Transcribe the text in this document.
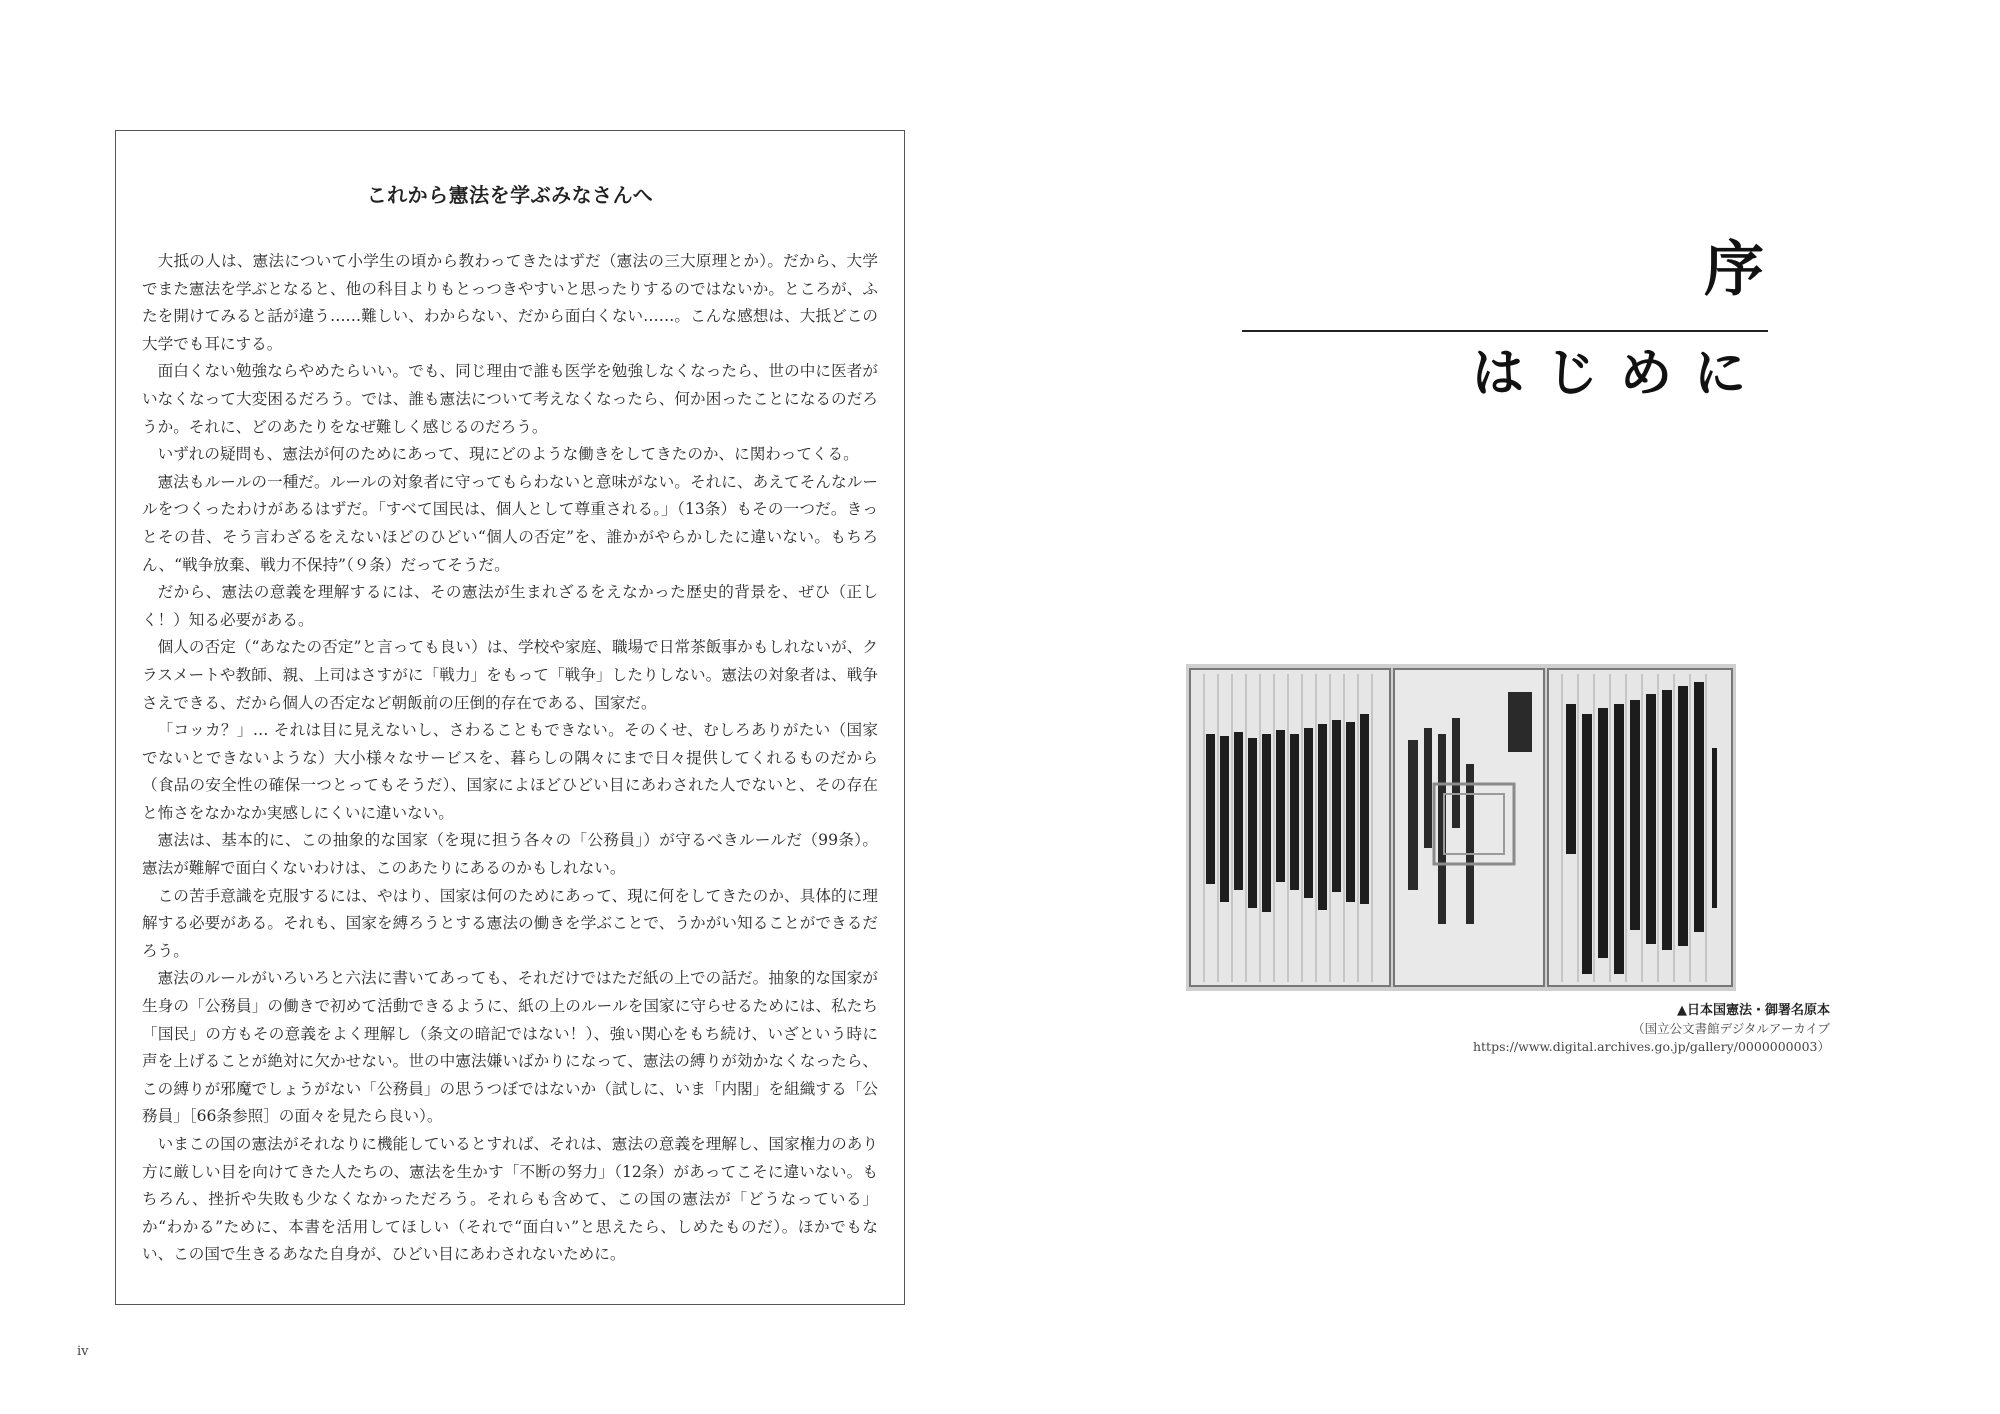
これから憲法を学ぶみなさんへ

大抵の人は、憲法について小学生の頃から教わってきたはずだ（憲法の三大原理とか）。だから、大学でまた憲法を学ぶとなると、他の科目よりもとっつきやすいと思ったりするのではないか。ところが、ふたを開けてみると話が違う……難しい、わからない、だから面白くない……。こんな感想は、大抵どこの大学でも耳にする。

面白くない勉強ならやめたらいい。でも、同じ理由で誰も医学を勉強しなくなったら、世の中に医者がいなくなって大変困るだろう。では、誰も憲法について考えなくなったら、何か困ったことになるのだろうか。それに、どのあたりをなぜ難しく感じるのだろう。

いずれの疑問も、憲法が何のためにあって、現にどのような働きをしてきたのか、に関わってくる。

憲法もルールの一種だ。ルールの対象者に守ってもらわないと意味がない。それに、あえてそんなルールをつくったわけがあるはずだ。「すべて国民は、個人として尊重される。」（13条）もその一つだ。きっとその昔、そう言わざるをえないほどのひどい“個人の否定”を、誰かがやらかしたに違いない。もちろん、“戦争放棄、戦力不保持”（９条）だってそうだ。

だから、憲法の意義を理解するには、その憲法が生まれざるをえなかった歴史的背景を、ぜひ（正しく！）知る必要がある。

個人の否定（“あなたの否定”と言っても良い）は、学校や家庭、職場で日常茶飯事かもしれないが、クラスメートや教師、親、上司はさすがに「戦力」をもって「戦争」したりしない。憲法の対象者は、戦争さえできる、だから個人の否定など朝飯前の圧倒的存在である、国家だ。

「コッカ？」… それは目に見えないし、さわることもできない。そのくせ、むしろありがたい（国家でないとできないような）大小様々なサービスを、暮らしの隅々にまで日々提供してくれるものだから（食品の安全性の確保一つとってもそうだ）、国家によほどひどい目にあわされた人でないと、その存在と怖さをなかなか実感しにくいに違いない。

憲法は、基本的に、この抽象的な国家（を現に担う各々の「公務員」）が守るべきルールだ（99条）。憲法が難解で面白くないわけは、このあたりにあるのかもしれない。

この苦手意識を克服するには、やはり、国家は何のためにあって、現に何をしてきたのか、具体的に理解する必要がある。それも、国家を縛ろうとする憲法の働きを学ぶことで、うかがい知ることができるだろう。

憲法のルールがいろいろと六法に書いてあっても、それだけではただ紙の上での話だ。抽象的な国家が生身の「公務員」の働きで初めて活動できるように、紙の上のルールを国家に守らせるためには、私たち「国民」の方もその意義をよく理解し（条文の暗記ではない！）、強い関心をもち続け、いざという時に声を上げることが絶対に欠かせない。世の中憲法嫌いばかりになって、憲法の縛りが効かなくなったら、この縛りが邪魔でしょうがない「公務員」の思うつぼではないか（試しに、いま「内閣」を組織する「公務員」［66条参照］の面々を見たら良い）。

いまこの国の憲法がそれなりに機能しているとすれば、それは、憲法の意義を理解し、国家権力のあり方に厳しい目を向けてきた人たちの、憲法を生かす「不断の努力」（12条）があってこそに違いない。もちろん、挫折や失敗も少なくなかっただろう。それらも含めて、この国の憲法が「どうなっている」か“わかる”ために、本書を活用してほしい（それで“面白い”と思えたら、しめたものだ）。ほかでもない、この国で生きるあなた自身が、ひどい目にあわされないために。

iv
序
はじめに
▲日本国憲法・御署名原本
（国立公文書館デジタルアーカイブ
https://www.digital.archives.go.jp/gallery/0000000003）
